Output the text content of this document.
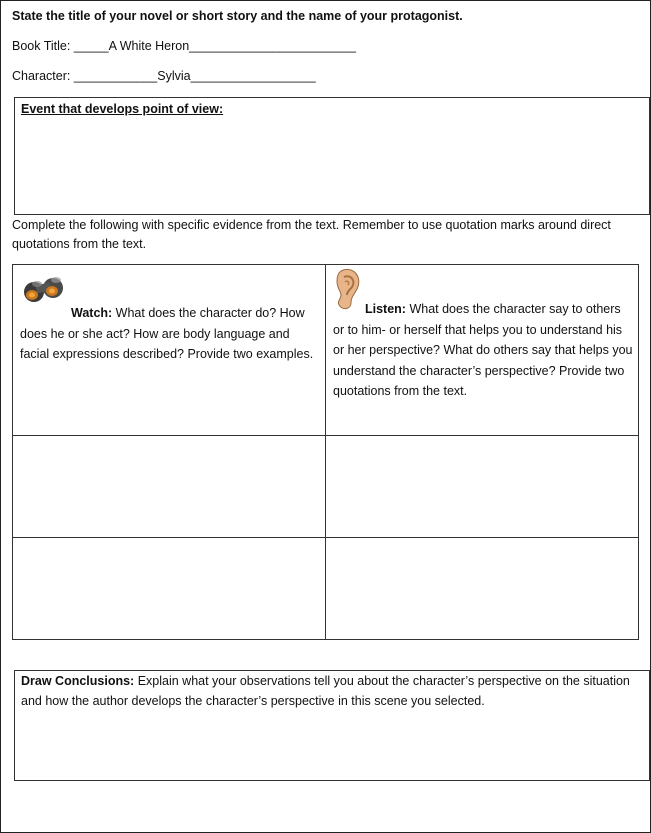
State the title of your novel or short story and the name of your protagonist.
Book Title: _____A White Heron________________________
Character: ____________Sylvia__________________
Event that develops point of view:
Complete the following with specific evidence from the text. Remember to use quotation marks around direct quotations from the text.
Watch: What does the character do? How does he or she act? How are body language and facial expressions described? Provide two examples.	Listen: What does the character say to others or to him- or herself that helps you to understand his or her perspective? What do others say that helps you understand the character’s perspective? Provide two quotations from the text.

Draw Conclusions: Explain what your observations tell you about the character’s perspective on the situation and how the author develops the character’s perspective in this scene you selected.
